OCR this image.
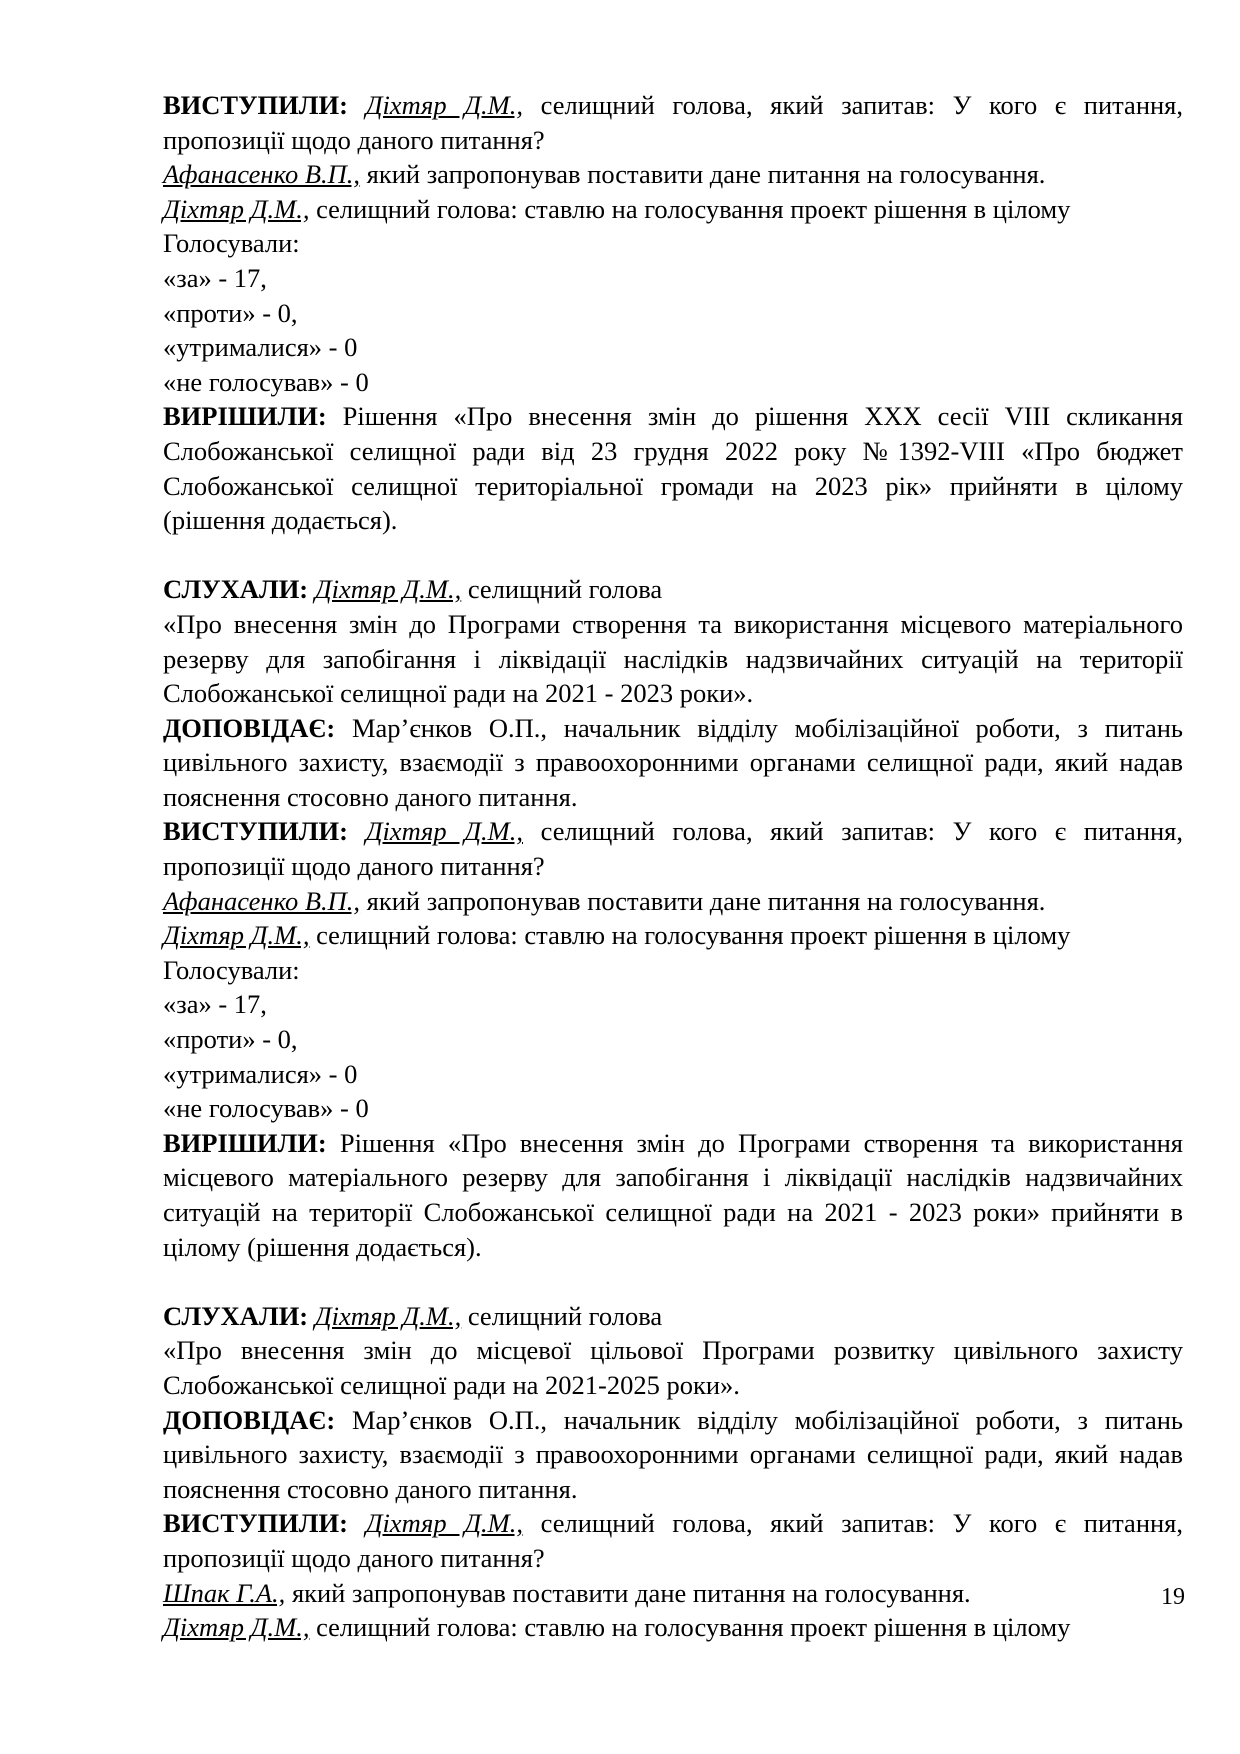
ВИСТУПИЛИ: Діхтяр Д.М., селищний голова, який запитав: У кого є питання, пропозиції щодо даного питання?

Афанасенко В.П., який запропонував поставити дане питання на голосування.

Діхтяр Д.М., селищний голова: ставлю на голосування проект рішення в цілому

Голосували:

«за» - 17,

«проти» - 0,

«утрималися» - 0

«не голосував» - 0

ВИРІШИЛИ: Рішення «Про внесення змін до рішення ХХХ сесії VIII скликання Слобожанської селищної ради від 23 грудня 2022 року №1392-VIII «Про бюджет Слобожанської селищної територіальної громади на 2023 рік» прийняти в цілому (рішення додається).

СЛУХАЛИ: Діхтяр Д.М., селищний голова

«Про внесення змін до Програми створення та використання місцевого матеріального резерву для запобігання і ліквідації наслідків надзвичайних ситуацій на території Слобожанської селищної ради на 2021 - 2023 роки».

ДОПОВІДАЄ: Мар’єнков О.П., начальник відділу мобілізаційної роботи, з питань цивільного захисту, взаємодії з правоохоронними органами селищної ради, який надав пояснення стосовно даного питання.

ВИСТУПИЛИ: Діхтяр Д.М., селищний голова, який запитав: У кого є питання, пропозиції щодо даного питання?

Афанасенко В.П., який запропонував поставити дане питання на голосування.

Діхтяр Д.М., селищний голова: ставлю на голосування проект рішення в цілому

Голосували:

«за» - 17,

«проти» - 0,

«утрималися» - 0

«не голосував» - 0

ВИРІШИЛИ: Рішення «Про внесення змін до Програми створення та використання місцевого матеріального резерву для запобігання і ліквідації наслідків надзвичайних ситуацій на території Слобожанської селищної ради на 2021 - 2023 роки» прийняти в цілому (рішення додається).

СЛУХАЛИ: Діхтяр Д.М., селищний голова

«Про внесення змін до місцевої цільової Програми розвитку цивільного захисту Слобожанської селищної ради на 2021-2025 роки».

ДОПОВІДАЄ: Мар’єнков О.П., начальник відділу мобілізаційної роботи, з питань цивільного захисту, взаємодії з правоохоронними органами селищної ради, який надав пояснення стосовно даного питання.

ВИСТУПИЛИ: Діхтяр Д.М., селищний голова, який запитав: У кого є питання, пропозиції щодо даного питання?

Шпак Г.А., який запропонував поставити дане питання на голосування.

Діхтяр Д.М., селищний голова: ставлю на голосування проект рішення в цілому

19
